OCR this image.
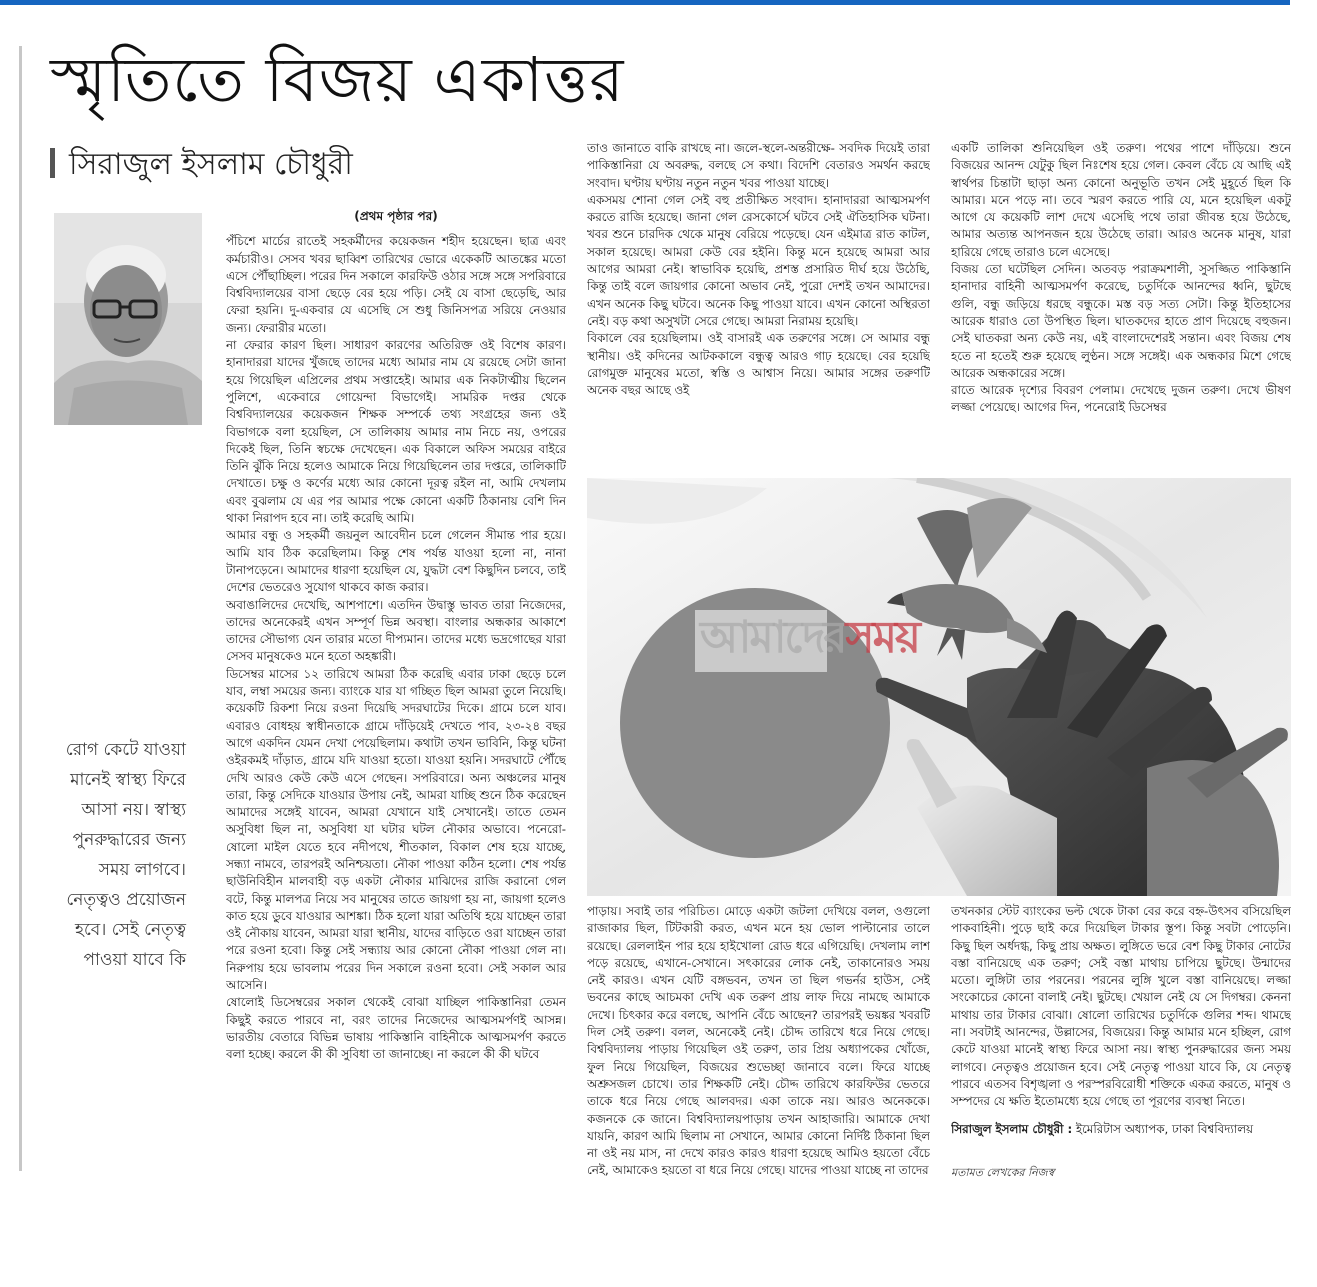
স্মৃতিতে বিজয় একাত্তর
সিরাজুল ইসলাম চৌধুরী
রোগ কেটে যাওয়া মানেই স্বাস্থ্য ফিরে আসা নয়। স্বাস্থ্য পুনরুদ্ধারের জন্য সময় লাগবে। নেতৃত্বও প্রয়োজন হবে। সেই নেতৃত্ব পাওয়া যাবে কি

(প্রথম পৃষ্ঠার পর)

পঁচিশে মার্চের রাতেই সহকর্মীদের কয়েকজন শহীদ হয়েছেন। ছাত্র এবং কর্মচারীও। সেসব খবর ছাব্বিশ তারিখের ভোরে একেকটি আতঙ্কের মতো এসে পৌঁছাচ্ছিল। পরের দিন সকালে কারফিউ ওঠার সঙ্গে সঙ্গে সপরিবারে বিশ্ববিদ্যালয়ের বাসা ছেড়ে বের হয়ে পড়ি। সেই যে বাসা ছেড়েছি, আর ফেরা হয়নি। দু-একবার যে এসেছি সে শুধু জিনিসপত্র সরিয়ে নেওয়ার জন্য। ফেরারীর মতো।

না ফেরার কারণ ছিল। সাধারণ কারণের অতিরিক্ত ওই বিশেষ কারণ। হানাদাররা যাদের খুঁজছে তাদের মধ্যে আমার নাম যে রয়েছে সেটা জানা হয়ে গিয়েছিল এপ্রিলের প্রথম সপ্তাহেই। আমার এক নিকটাত্মীয় ছিলেন পুলিশে, একেবারে গোয়েন্দা বিভাগেই। সামরিক দপ্তর থেকে বিশ্ববিদ্যালয়ের কয়েকজন শিক্ষক সম্পর্কে তথ্য সংগ্রহের জন্য ওই বিভাগকে বলা হয়েছিল, সে তালিকায় আমার নাম নিচে নয়, ওপরের দিকেই ছিল, তিনি স্বচক্ষে দেখেছেন। এক বিকালে অফিস সময়ের বাইরে তিনি ঝুঁকি নিয়ে হলেও আমাকে নিয়ে গিয়েছিলেন তার দপ্তরে, তালিকাটি দেখাতে। চক্ষু ও কর্ণের মধ্যে আর কোনো দূরত্ব রইল না, আমি দেখলাম এবং বুঝলাম যে এর পর আমার পক্ষে কোনো একটি ঠিকানায় বেশি দিন থাকা নিরাপদ হবে না। তাই করেছি আমি।

আমার বন্ধু ও সহকর্মী জয়নুল আবেদীন চলে গেলেন সীমান্ত পার হয়ে। আমি যাব ঠিক করেছিলাম। কিন্তু শেষ পর্যন্ত যাওয়া হলো না, নানা টানাপড়েনে। আমাদের ধারণা হয়েছিল যে, যুদ্ধটা বেশ কিছুদিন চলবে, তাই দেশের ভেতরেও সুযোগ থাকবে কাজ করার।

অবাঙালিদের দেখেছি, আশপাশে। এতদিন উদ্বাস্তু ভাবত তারা নিজেদের, তাদের অনেকেরই এখন সম্পূর্ণ ভিন্ন অবস্থা। বাংলার অন্ধকার আকাশে তাদের সৌভাগ্য যেন তারার মতো দীপ্যমান। তাদের মধ্যে ভদ্রগোছের যারা সেসব মানুষকেও মনে হতো অহঙ্কারী।

ডিসেম্বর মাসের ১২ তারিখে আমরা ঠিক করেছি এবার ঢাকা ছেড়ে চলে যাব, লম্বা সময়ের জন্য। ব্যাংকে যার যা গচ্ছিত ছিল আমরা তুলে নিয়েছি। কয়েকটি রিকশা নিয়ে রওনা দিয়েছি সদরঘাটের দিকে। গ্রামে চলে যাব। এবারও বোধহয় স্বাধীনতাকে গ্রামে দাঁড়িয়েই দেখতে পাব, ২৩-২৪ বছর আগে একদিন যেমন দেখা পেয়েছিলাম। কথাটা তখন ভাবিনি, কিন্তু ঘটনা ওইরকমই দাঁড়াত, গ্রামে যদি যাওয়া হতো। যাওয়া হয়নি। সদরঘাটে পৌঁছে দেখি আরও কেউ কেউ এসে গেছেন। সপরিবারে। অন্য অঞ্চলের মানুষ তারা, কিন্তু সেদিকে যাওয়ার উপায় নেই, আমরা যাচ্ছি শুনে ঠিক করেছেন আমাদের সঙ্গেই যাবেন, আমরা যেখানে যাই সেখানেই। তাতে তেমন অসুবিধা ছিল না, অসুবিধা যা ঘটার ঘটল নৌকার অভাবে। পনেরো-ষোলো মাইল যেতে হবে নদীপথে, শীতকাল, বিকাল শেষ হয়ে যাচ্ছে, সন্ধ্যা নামবে, তারপরই অনিশ্চয়তা। নৌকা পাওয়া কঠিন হলো। শেষ পর্যন্ত ছাউনিবিহীন মালবাহী বড় একটা নৌকার মাঝিদের রাজি করানো গেল বটে, কিন্তু মালপত্র নিয়ে সব মানুষের তাতে জায়গা হয় না, জায়গা হলেও কাত হয়ে ডুবে যাওয়ার আশঙ্কা। ঠিক হলো যারা অতিথি হয়ে যাচ্ছেন তারা ওই নৌকায় যাবেন, আমরা যারা স্থানীয়, যাদের বাড়িতে ওরা যাচ্ছেন তারা পরে রওনা হবো। কিন্তু সেই সন্ধ্যায় আর কোনো নৌকা পাওয়া গেল না। নিরুপায় হয়ে ভাবলাম পরের দিন সকালে রওনা হবো। সেই সকাল আর আসেনি।

ষোলোই ডিসেম্বরের সকাল থেকেই বোঝা যাচ্ছিল পাকিস্তানিরা তেমন কিছুই করতে পারবে না, বরং তাদের নিজেদের আত্মসমর্পণই আসন্ন। ভারতীয় বেতারে বিভিন্ন ভাষায় পাকিস্তানি বাহিনীকে আত্মসমর্পণ করতে বলা হচ্ছে। করলে কী কী সুবিধা তা জানাচ্ছে। না করলে কী কী ঘটবে

তাও জানাতে বাকি রাখছে না। জলে-স্থলে-অন্তরীক্ষে- সবদিক দিয়েই তারা পাকিস্তানিরা যে অবরুদ্ধ, বলছে সে কথা। বিদেশি বেতারও সমর্থন করছে সংবাদ। ঘণ্টায় ঘণ্টায় নতুন নতুন খবর পাওয়া যাচ্ছে।

একসময় শোনা গেল সেই বহু প্রতীক্ষিত সংবাদ। হানাদাররা আত্মসমর্পণ করতে রাজি হয়েছে। জানা গেল রেসকোর্সে ঘটবে সেই ঐতিহাসিক ঘটনা। খবর শুনে চারদিক থেকে মানুষ বেরিয়ে পড়েছে। যেন এইমাত্র রাত কাটল, সকাল হয়েছে। আমরা কেউ বের হইনি। কিন্তু মনে হয়েছে আমরা আর আগের আমরা নেই। স্বাভাবিক হয়েছি, প্রশস্ত প্রসারিত দীর্ঘ হয়ে উঠেছি, কিন্তু তাই বলে জায়গার কোনো অভাব নেই, পুরো দেশই তখন আমাদের। এখন অনেক কিছু ঘটবে। অনেক কিছু পাওয়া যাবে। এখন কোনো অস্থিরতা নেই। বড় কথা অসুখটা সেরে গেছে। আমরা নিরাময় হয়েছি।

বিকালে বের হয়েছিলাম। ওই বাসারই এক তরুণের সঙ্গে। সে আমার বন্ধু স্থানীয়। ওই কদিনের আটককালে বন্ধুত্ব আরও গাঢ় হয়েছে। বের হয়েছি রোগমুক্ত মানুষের মতো, স্বস্তি ও আশ্বাস নিয়ে। আমার সঙ্গের তরুণটি অনেক বছর আছে ওই

একটি তালিকা শুনিয়েছিল ওই তরুণ। পথের পাশে দাঁড়িয়ে। শুনে বিজয়ের আনন্দ যেটুকু ছিল নিঃশেষ হয়ে গেল। কেবল বেঁচে যে আছি এই স্বার্থপর চিন্তাটা ছাড়া অন্য কোনো অনুভূতি তখন সেই মুহূর্তে ছিল কি আমার। মনে পড়ে না। তবে স্মরণ করতে পারি যে, মনে হয়েছিল একটু আগে যে কয়েকটি লাশ দেখে এসেছি পথে তারা জীবন্ত হয়ে উঠেছে, আমার অত্যন্ত আপনজন হয়ে উঠেছে তারা। আরও অনেক মানুষ, যারা হারিয়ে গেছে তারাও চলে এসেছে।

বিজয় তো ঘটেছিল সেদিন। অতবড় পরাক্রমশালী, সুসজ্জিত পাকিস্তানি হানাদার বাহিনী আত্মসমর্পণ করেছে, চতুর্দিকে আনন্দের ধ্বনি, ছুটছে গুলি, বন্ধু জড়িয়ে ধরছে বন্ধুকে। মস্ত বড় সত্য সেটা। কিন্তু ইতিহাসের আরেক ধারাও তো উপস্থিত ছিল। ঘাতকদের হাতে প্রাণ দিয়েছে বহুজন। সেই ঘাতকরা অন্য কেউ নয়, এই বাংলাদেশেরই সন্তান। এবং বিজয় শেষ হতে না হতেই শুরু হয়েছে লুণ্ঠন। সঙ্গে সঙ্গেই। এক অন্ধকার মিশে গেছে আরেক অন্ধকারের সঙ্গে।

রাতে আরেক দৃশ্যের বিবরণ পেলাম। দেখেছে দুজন তরুণ। দেখে ভীষণ লজ্জা পেয়েছে। আগের দিন, পনেরোই ডিসেম্বর

আমাদেরসময়

পাড়ায়। সবাই তার পরিচিত। মোড়ে একটা জটলা দেখিয়ে বলল, ওগুলো রাজাকার ছিল, টিটকারী করত, এখন মনে হয় ভোল পাল্টানোর তালে রয়েছে। রেললাইন পার হয়ে হাইখোলা রোড ধরে এগিয়েছি। দেখলাম লাশ পড়ে রয়েছে, এখানে-সেখানে। সৎকারের লোক নেই, তাকানোরও সময় নেই কারও। এখন যেটি বঙ্গভবন, তখন তা ছিল গভর্নর হাউস, সেই ভবনের কাছে আচমকা দেখি এক তরুণ প্রায় লাফ দিয়ে নামছে আমাকে দেখে। চিৎকার করে বলছে, আপনি বেঁচে আছেন? তারপরই ভয়ঙ্কর খবরটি দিল সেই তরুণ। বলল, অনেকেই নেই। চৌদ্দ তারিখে ধরে নিয়ে গেছে। বিশ্ববিদ্যালয় পাড়ায় গিয়েছিল ওই তরুণ, তার প্রিয় অধ্যাপকের খোঁজে, ফুল নিয়ে গিয়েছিল, বিজয়ের শুভেচ্ছা জানাবে বলে। ফিরে যাচ্ছে অশ্রুসজল চোখে। তার শিক্ষকটি নেই। চৌদ্দ তারিখে কারফিউর ভেতরে তাকে ধরে নিয়ে গেছে আলবদর। একা তাকে নয়। আরও অনেককে। কজনকে কে জানে। বিশ্ববিদ্যালয়পাড়ায় তখন আহাজারি। আমাকে দেখা যায়নি, কারণ আমি ছিলাম না সেখানে, আমার কোনো নির্দিষ্ট ঠিকানা ছিল না ওই নয় মাস, না দেখে কারও কারও ধারণা হয়েছে আমিও হয়তো বেঁচে নেই, আমাকেও হয়তো বা ধরে নিয়ে গেছে। যাদের পাওয়া যাচ্ছে না তাদের

তখনকার স্টেট ব্যাংকের ভল্ট থেকে টাকা বের করে বহ্ন-উৎসব বসিয়েছিল পাকবাহিনী। পুড়ে ছাই করে দিয়েছিল টাকার স্তূপ। কিন্তু সবটা পোড়েনি। কিছু ছিল অর্ধদগ্ধ, কিছু প্রায় অক্ষত। লুঙ্গিতে ভরে বেশ কিছু টাকার নোটের বস্তা বানিয়েছে এক তরুণ; সেই বস্তা মাথায় চাপিয়ে ছুটছে। উন্মাদের মতো। লুঙ্গিটা তার পরনের। পরনের লুঙ্গি খুলে বস্তা বানিয়েছে। লজ্জা সংকোচের কোনো বালাই নেই। ছুটছে। খেয়াল নেই যে সে দিগম্বর। কেননা মাথায় তার টাকার বোঝা। ষোলো তারিখের চতুর্দিকে গুলির শব্দ। থামছে না। সবটাই আনন্দের, উল্লাসের, বিজয়ের। কিন্তু আমার মনে হচ্ছিল, রোগ কেটে যাওয়া মানেই স্বাস্থ্য ফিরে আসা নয়। স্বাস্থ্য পুনরুদ্ধারের জন্য সময় লাগবে। নেতৃত্বও প্রয়োজন হবে। সেই নেতৃত্ব পাওয়া যাবে কি, যে নেতৃত্ব পারবে এতসব বিশৃঙ্খলা ও পরস্পরবিরোধী শক্তিকে একত্র করতে, মানুষ ও সম্পদের যে ক্ষতি ইতোমধ্যে হয়ে গেছে তা পূরণের ব্যবস্থা নিতে।

সিরাজুল ইসলাম চৌধুরী : ইমেরিটাস অধ্যাপক, ঢাকা বিশ্ববিদ্যালয়

মতামত লেখকের নিজস্ব
